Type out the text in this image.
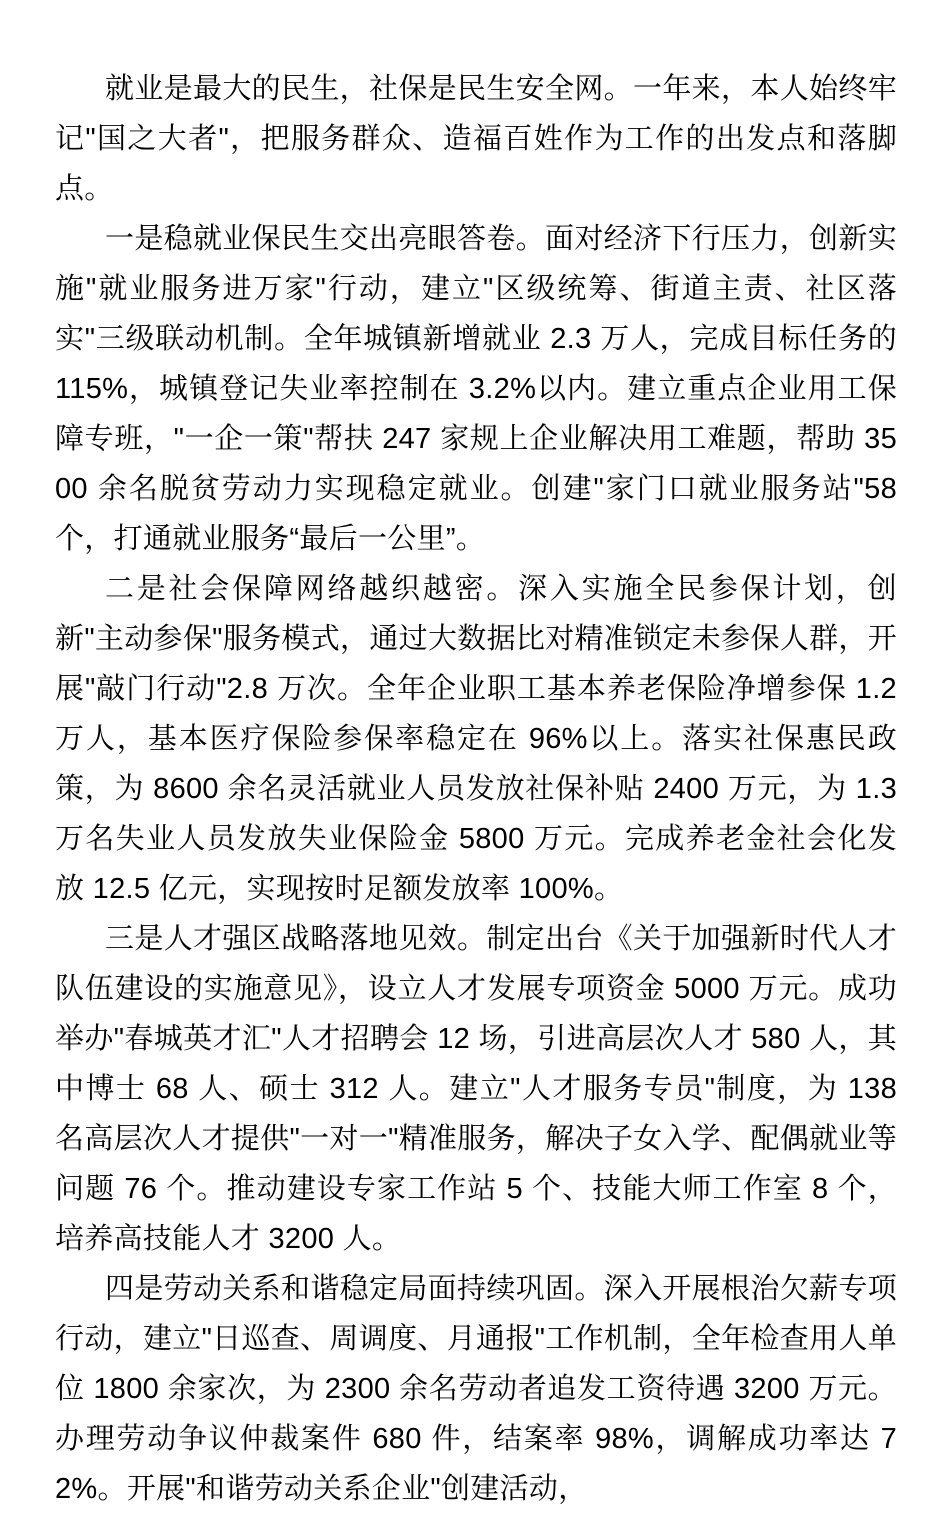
就业是最大的民生，社保是民生安全网。一年来，本人始终牢记"国之大者"，把服务群众、造福百姓作为工作的出发点和落脚点。

一是稳就业保民生交出亮眼答卷。面对经济下行压力，创新实施"就业服务进万家"行动，建立"区级统筹、街道主责、社区落实"三级联动机制。全年城镇新增就业 2.3 万人，完成目标任务的 115%，城镇登记失业率控制在 3.2%以内。建立重点企业用工保障专班，"一企一策"帮扶 247 家规上企业解决用工难题，帮助 3500 余名脱贫劳动力实现稳定就业。创建"家门口就业服务站"58 个，打通就业服务“最后一公里”。

二是社会保障网络越织越密。深入实施全民参保计划，创新"主动参保"服务模式，通过大数据比对精准锁定未参保人群，开展"敲门行动"2.8 万次。全年企业职工基本养老保险净增参保 1.2 万人，基本医疗保险参保率稳定在 96%以上。落实社保惠民政策，为 8600 余名灵活就业人员发放社保补贴 2400 万元，为 1.3 万名失业人员发放失业保险金 5800 万元。完成养老金社会化发放 12.5 亿元，实现按时足额发放率 100%。

三是人才强区战略落地见效。制定出台《关于加强新时代人才队伍建设的实施意见》，设立人才发展专项资金 5000 万元。成功举办"春城英才汇"人才招聘会 12 场，引进高层次人才 580 人，其中博士 68 人、硕士 312 人。建立"人才服务专员"制度，为 138 名高层次人才提供"一对一"精准服务，解决子女入学、配偶就业等问题 76 个。推动建设专家工作站 5 个、技能大师工作室 8 个，培养高技能人才 3200 人。

四是劳动关系和谐稳定局面持续巩固。深入开展根治欠薪专项行动，建立"日巡查、周调度、月通报"工作机制，全年检查用人单位 1800 余家次，为 2300 余名劳动者追发工资待遇 3200 万元。办理劳动争议仲裁案件 680 件，结案率 98%，调解成功率达 72%。开展"和谐劳动关系企业"创建活动，
